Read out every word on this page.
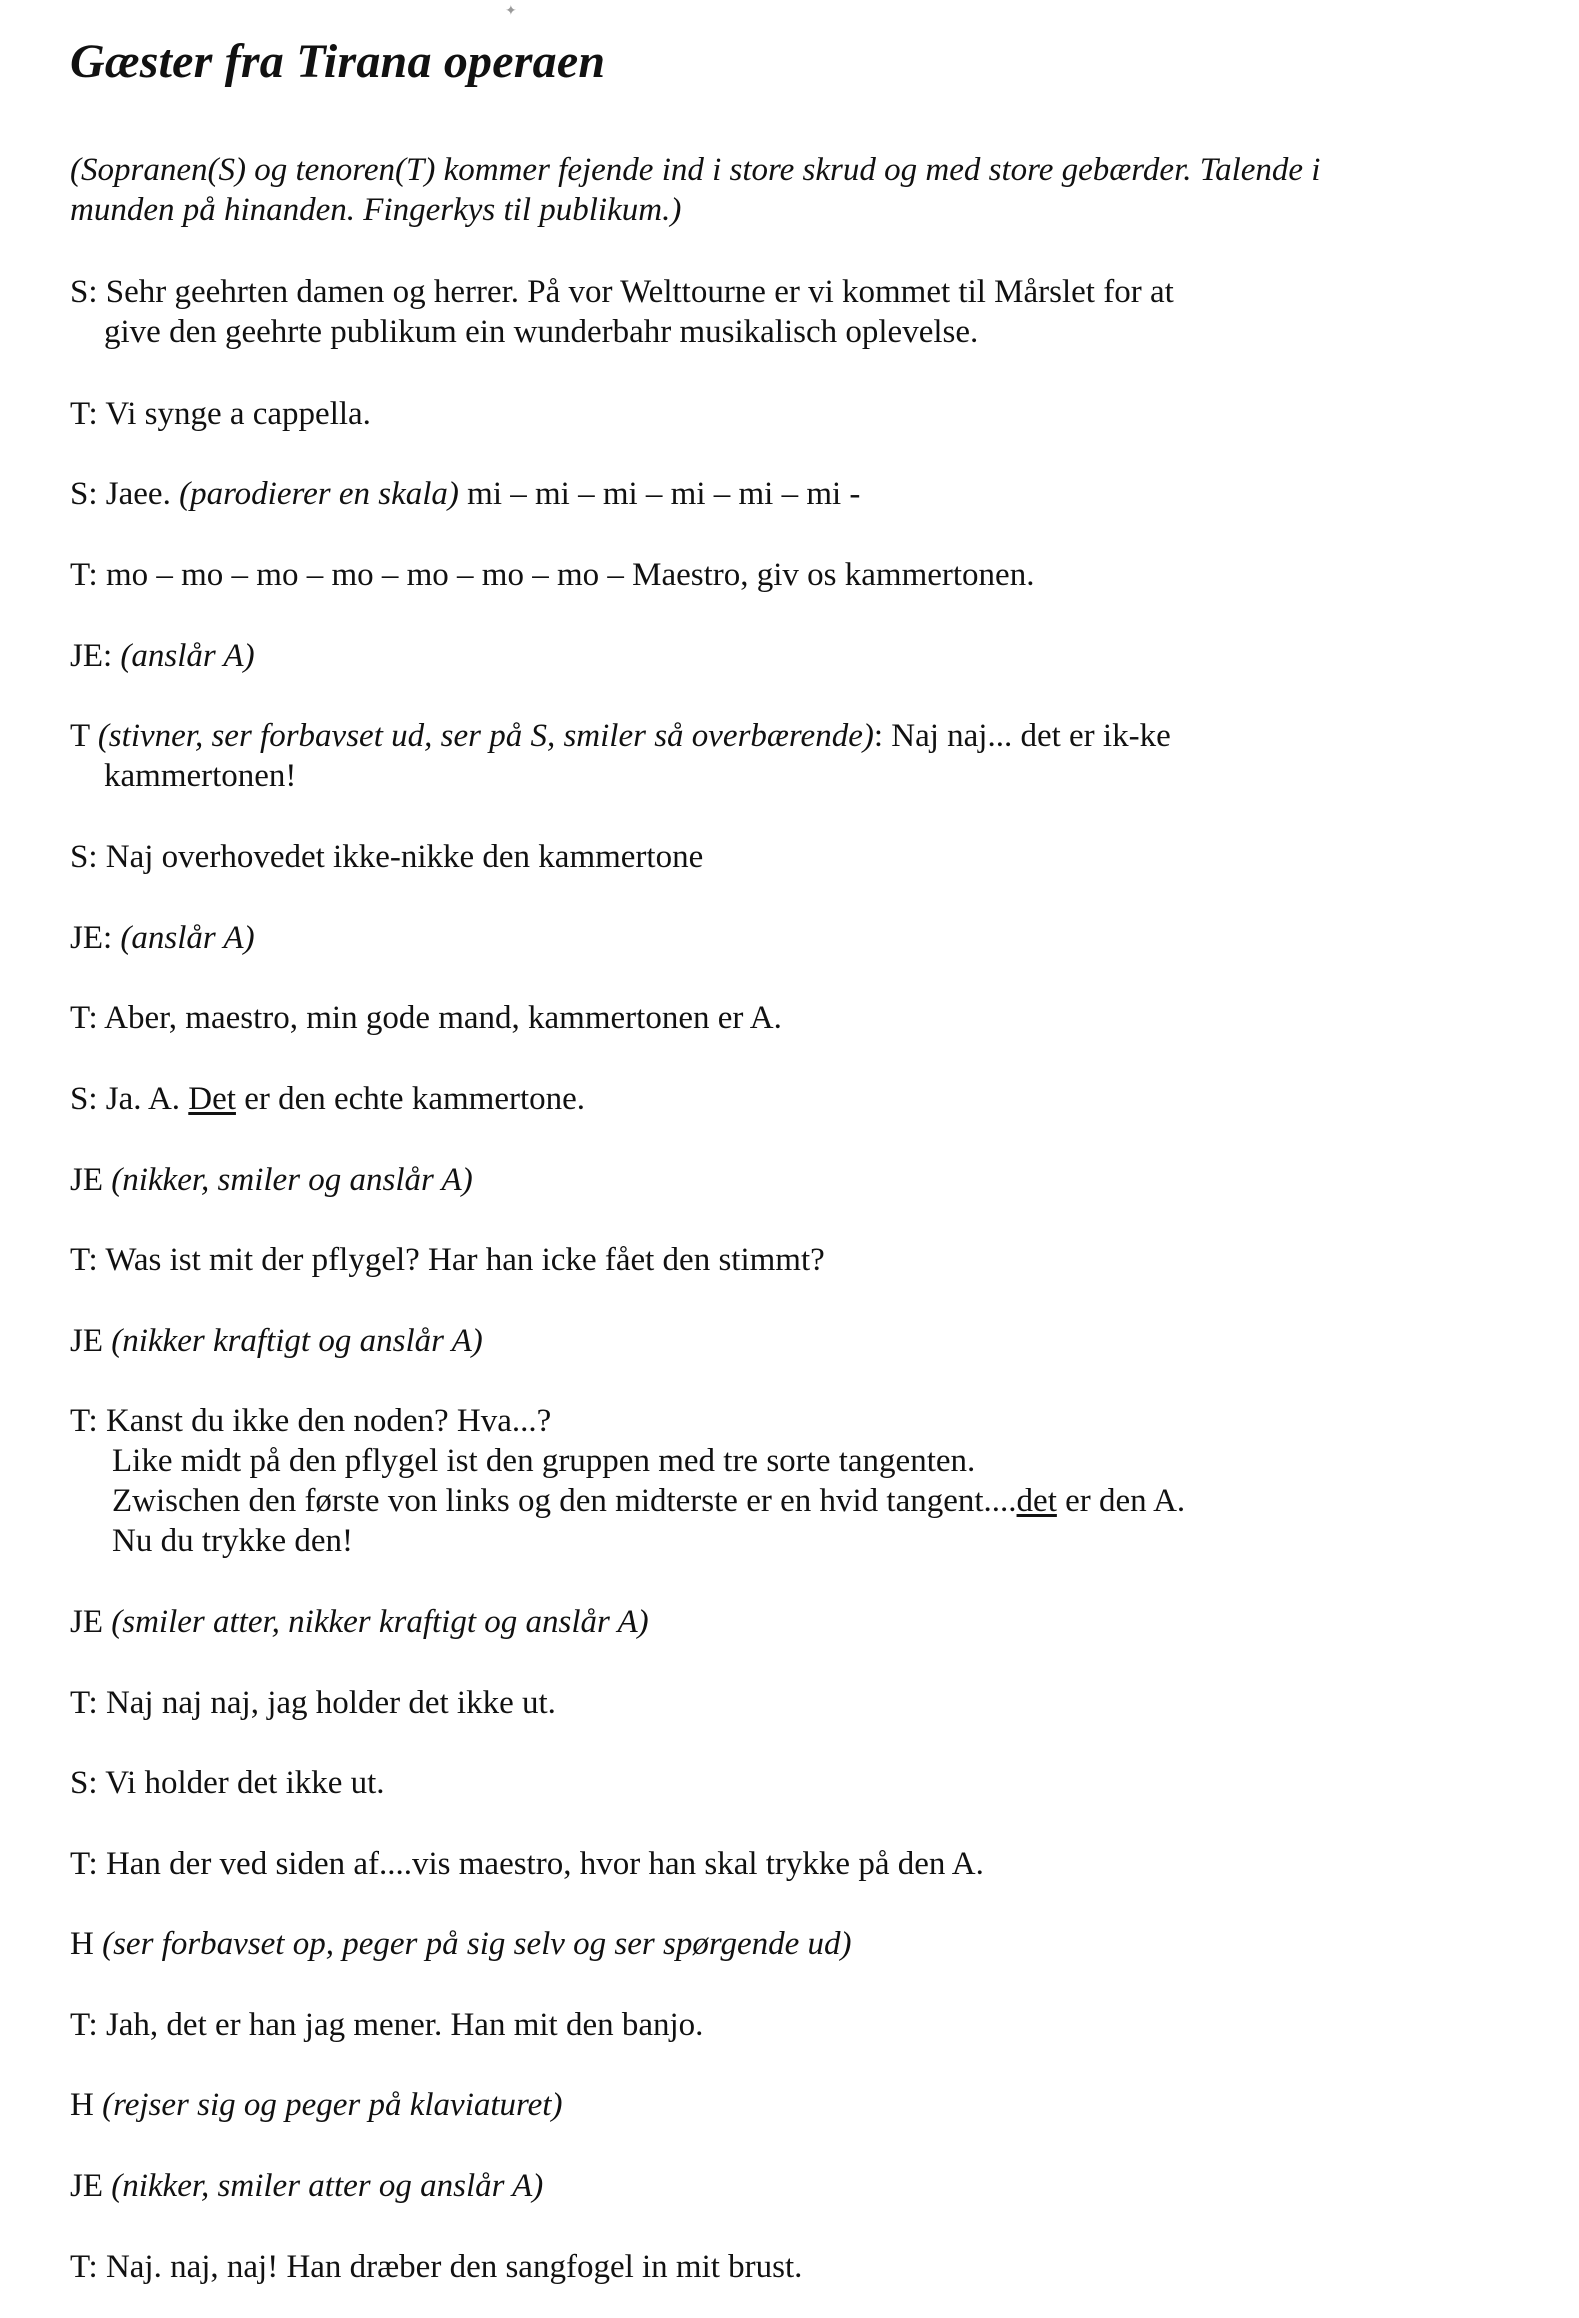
✦
Gæster fra Tirana operaen
(Sopranen(S) og tenoren(T) kommer fejende ind i store skrud og med store gebærder. Talende i
munden på hinanden. Fingerkys til publikum.)
S: Sehr geehrten damen og herrer. På vor Welttourne er vi kommet til Mårslet for at
give den geehrte publikum ein wunderbahr musikalisch oplevelse.
T: Vi synge a cappella.
S: Jaee. (parodierer en skala) mi – mi – mi – mi – mi – mi -
T: mo – mo – mo – mo – mo – mo – mo – Maestro, giv os kammertonen.
JE: (anslår A)
T (stivner, ser forbavset ud, ser på S, smiler så overbærende): Naj naj... det er ik-ke
kammertonen!
S: Naj overhovedet ikke-nikke den kammertone
JE: (anslår A)
T: Aber, maestro, min gode mand, kammertonen er A.
S: Ja. A. Det er den echte kammertone.
JE (nikker, smiler og anslår A)
T: Was ist mit der pflygel? Har han icke fået den stimmt?
JE (nikker kraftigt og anslår A)
T: Kanst du ikke den noden? Hva...?
Like midt på den pflygel ist den gruppen med tre sorte tangenten.
Zwischen den første von links og den midterste er en hvid tangent....det er den A.
Nu du trykke den!
JE (smiler atter, nikker kraftigt og anslår A)
T: Naj naj naj, jag holder det ikke ut.
S: Vi holder det ikke ut.
T: Han der ved siden af....vis maestro, hvor han skal trykke på den A.
H (ser forbavset op, peger på sig selv og ser spørgende ud)
T: Jah, det er han jag mener. Han mit den banjo.
H (rejser sig og peger på klaviaturet)
JE (nikker, smiler atter og anslår A)
T: Naj. naj, naj! Han dræber den sangfogel in mit brust.
